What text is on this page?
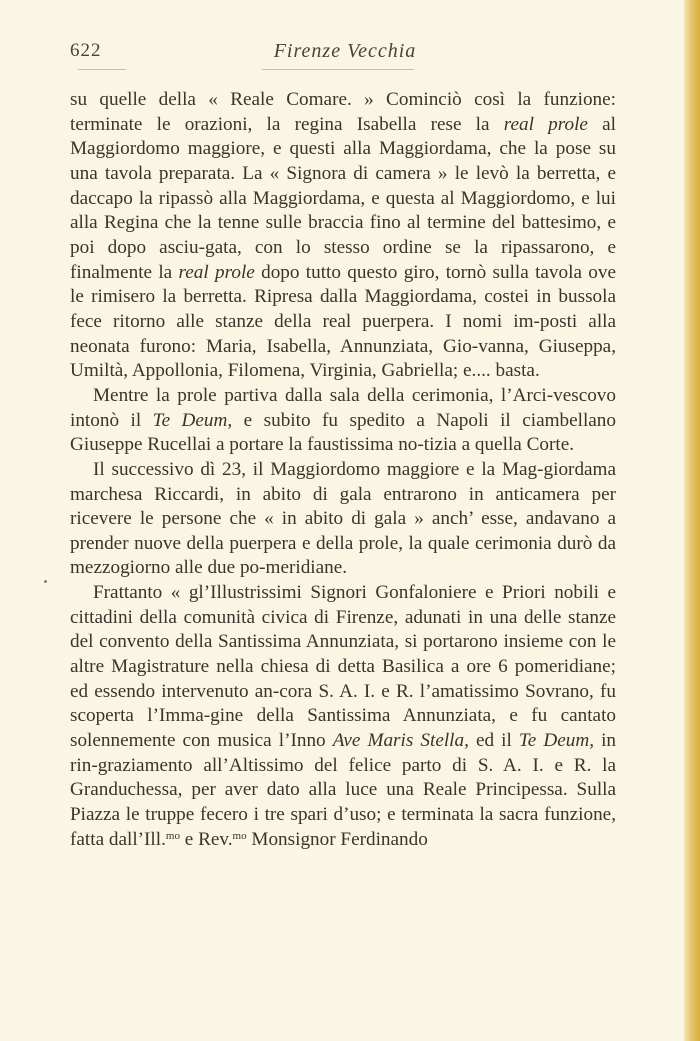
622	Firenze Vecchia

su quelle della « Reale Comare. » Cominciò così la funzione: terminate le orazioni, la regina Isabella rese la real prole al Maggiordomo maggiore, e questi alla Maggiordama, che la pose su una tavola preparata. La « Signora di camera » le levò la berretta, e daccapo la ripassò alla Maggiordama, e questa al Maggiordomo, e lui alla Regina che la tenne sulle braccia fino al termine del battesimo, e poi dopo asciu-gata, con lo stesso ordine se la ripassarono, e finalmente la real prole dopo tutto questo giro, tornò sulla tavola ove le rimisero la berretta. Ripresa dalla Maggiordama, costei in bussola fece ritorno alle stanze della real puerpera. I nomi im-posti alla neonata furono: Maria, Isabella, Annunziata, Gio-vanna, Giuseppa, Umiltà, Appollonia, Filomena, Virginia, Gabriella; e.... basta.

Mentre la prole partiva dalla sala della cerimonia, l’Arci-vescovo intonò il Te Deum, e subito fu spedito a Napoli il ciambellano Giuseppe Rucellai a portare la faustissima no-tizia a quella Corte.

Il successivo dì 23, il Maggiordomo maggiore e la Mag-giordama marchesa Riccardi, in abito di gala entrarono in anticamera per ricevere le persone che « in abito di gala » anch’ esse, andavano a prender nuove della puerpera e della prole, la quale cerimonia durò da mezzogiorno alle due po-meridiane.

Frattanto « gl’Illustrissimi Signori Gonfaloniere e Priori nobili e cittadini della comunità civica di Firenze, adunati in una delle stanze del convento della Santissima Annunziata, si portarono insieme con le altre Magistrature nella chiesa di detta Basilica a ore 6 pomeridiane; ed essendo intervenuto an-cora S. A. I. e R. l’amatissimo Sovrano, fu scoperta l’Imma-gine della Santissima Annunziata, e fu cantato solennemente con musica l’Inno Ave Maris Stella, ed il Te Deum, in rin-graziamento all’Altissimo del felice parto di S. A. I. e R. la Granduchessa, per aver dato alla luce una Reale Principessa. Sulla Piazza le truppe fecero i tre spari d’uso; e terminata la sacra funzione, fatta dall’Ill.$^{mo}$ e Rev.$^{mo}$ Monsignor Ferdinando
